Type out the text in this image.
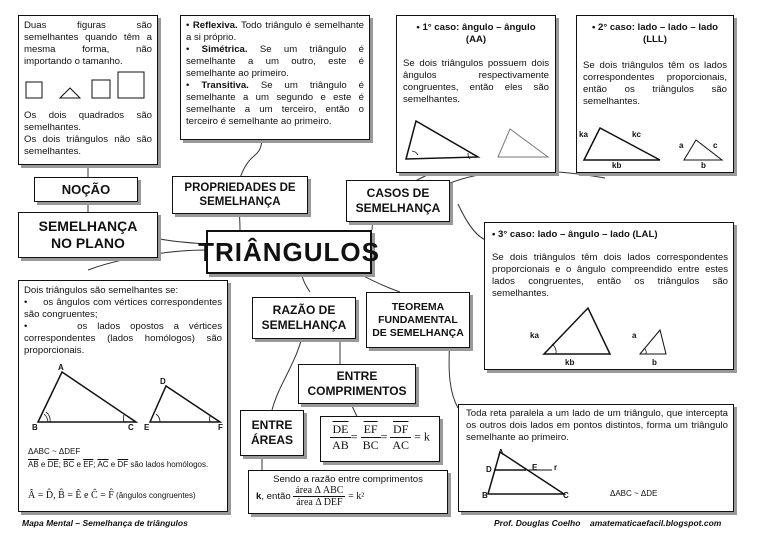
Duas figuras são semelhantes quando têm a mesma forma, não importando o tamanho.
Os dois quadrados são semelhantes.
Os dois triângulos não são semelhantes.
NOÇÃO
SEMELHANÇA
NO PLANO
• Reflexiva. Todo triângulo é semelhante a si próprio.
• Simétrica. Se um triângulo é semelhante a um outro, este é semelhante ao primeiro.
• Transitiva. Se um triângulo é semelhante a um segundo e este é semelhante a um terceiro, então o terceiro é semelhante ao primeiro.
PROPRIEDADES DE
SEMELHANÇA
• 1° caso: ângulo – ângulo
(AA)
Se dois triângulos possuem dois ângulos respectivamente congruentes, então eles são semelhantes.
• 2° caso: lado – lado – lado
(LLL)
Se dois triângulos têm os lados correspondentes proporcionais, então os triângulos são semelhantes.
ka	kc
kb
a	c
b
CASOS DE
SEMELHANÇA
TRIÂNGULOS
• 3° caso: lado – ângulo – lado (LAL)
Se dois triângulos têm dois lados correspondentes proporcionais e o ângulo compreendido entre estes lados congruentes, então os triângulos são semelhantes.
ka
kb
a
b
Dois triângulos são semelhantes se:
•     os ângulos com vértices correspondentes são congruentes;
•     os lados opostos a vértices correspondentes (lados homólogos) são proporcionais.
A
B	C
D
E	F
ΔABC ~ ΔDEF
$\overline{AB}$ e $\overline{DE}$; $\overline{BC}$ e $\overline{EF}$; $\overline{AC}$ e $\overline{DF}$ são lados homólogos.
Â = D̂, B̂ = Ê e Ĉ = F̂ (ângulos congruentes)
RAZÃO DE
SEMELHANÇA
TEOREMA
FUNDAMENTAL
DE SEMELHANÇA
ENTRE
COMPRIMENTOS
$\frac{\overline{DE}}{AB} = \frac{\overline{EF}}{BC} = \frac{\overline{DF}}{AC} = k$
ENTRE
ÁREAS
Sendo a razão entre comprimentos
k, então $\frac{\text{área Δ ABC}}{\text{área Δ DEF}} = k^2$
Toda reta paralela a um lado de um triângulo, que intercepta os outros dois lados em pontos distintos, forma um triângulo semelhante ao primeiro.
A
D	E r
B	C	ΔABC ~ ΔDE
Mapa Mental – Semelhança de triângulos	Prof. Douglas Coelho amatematicaefacil.blogspot.com
